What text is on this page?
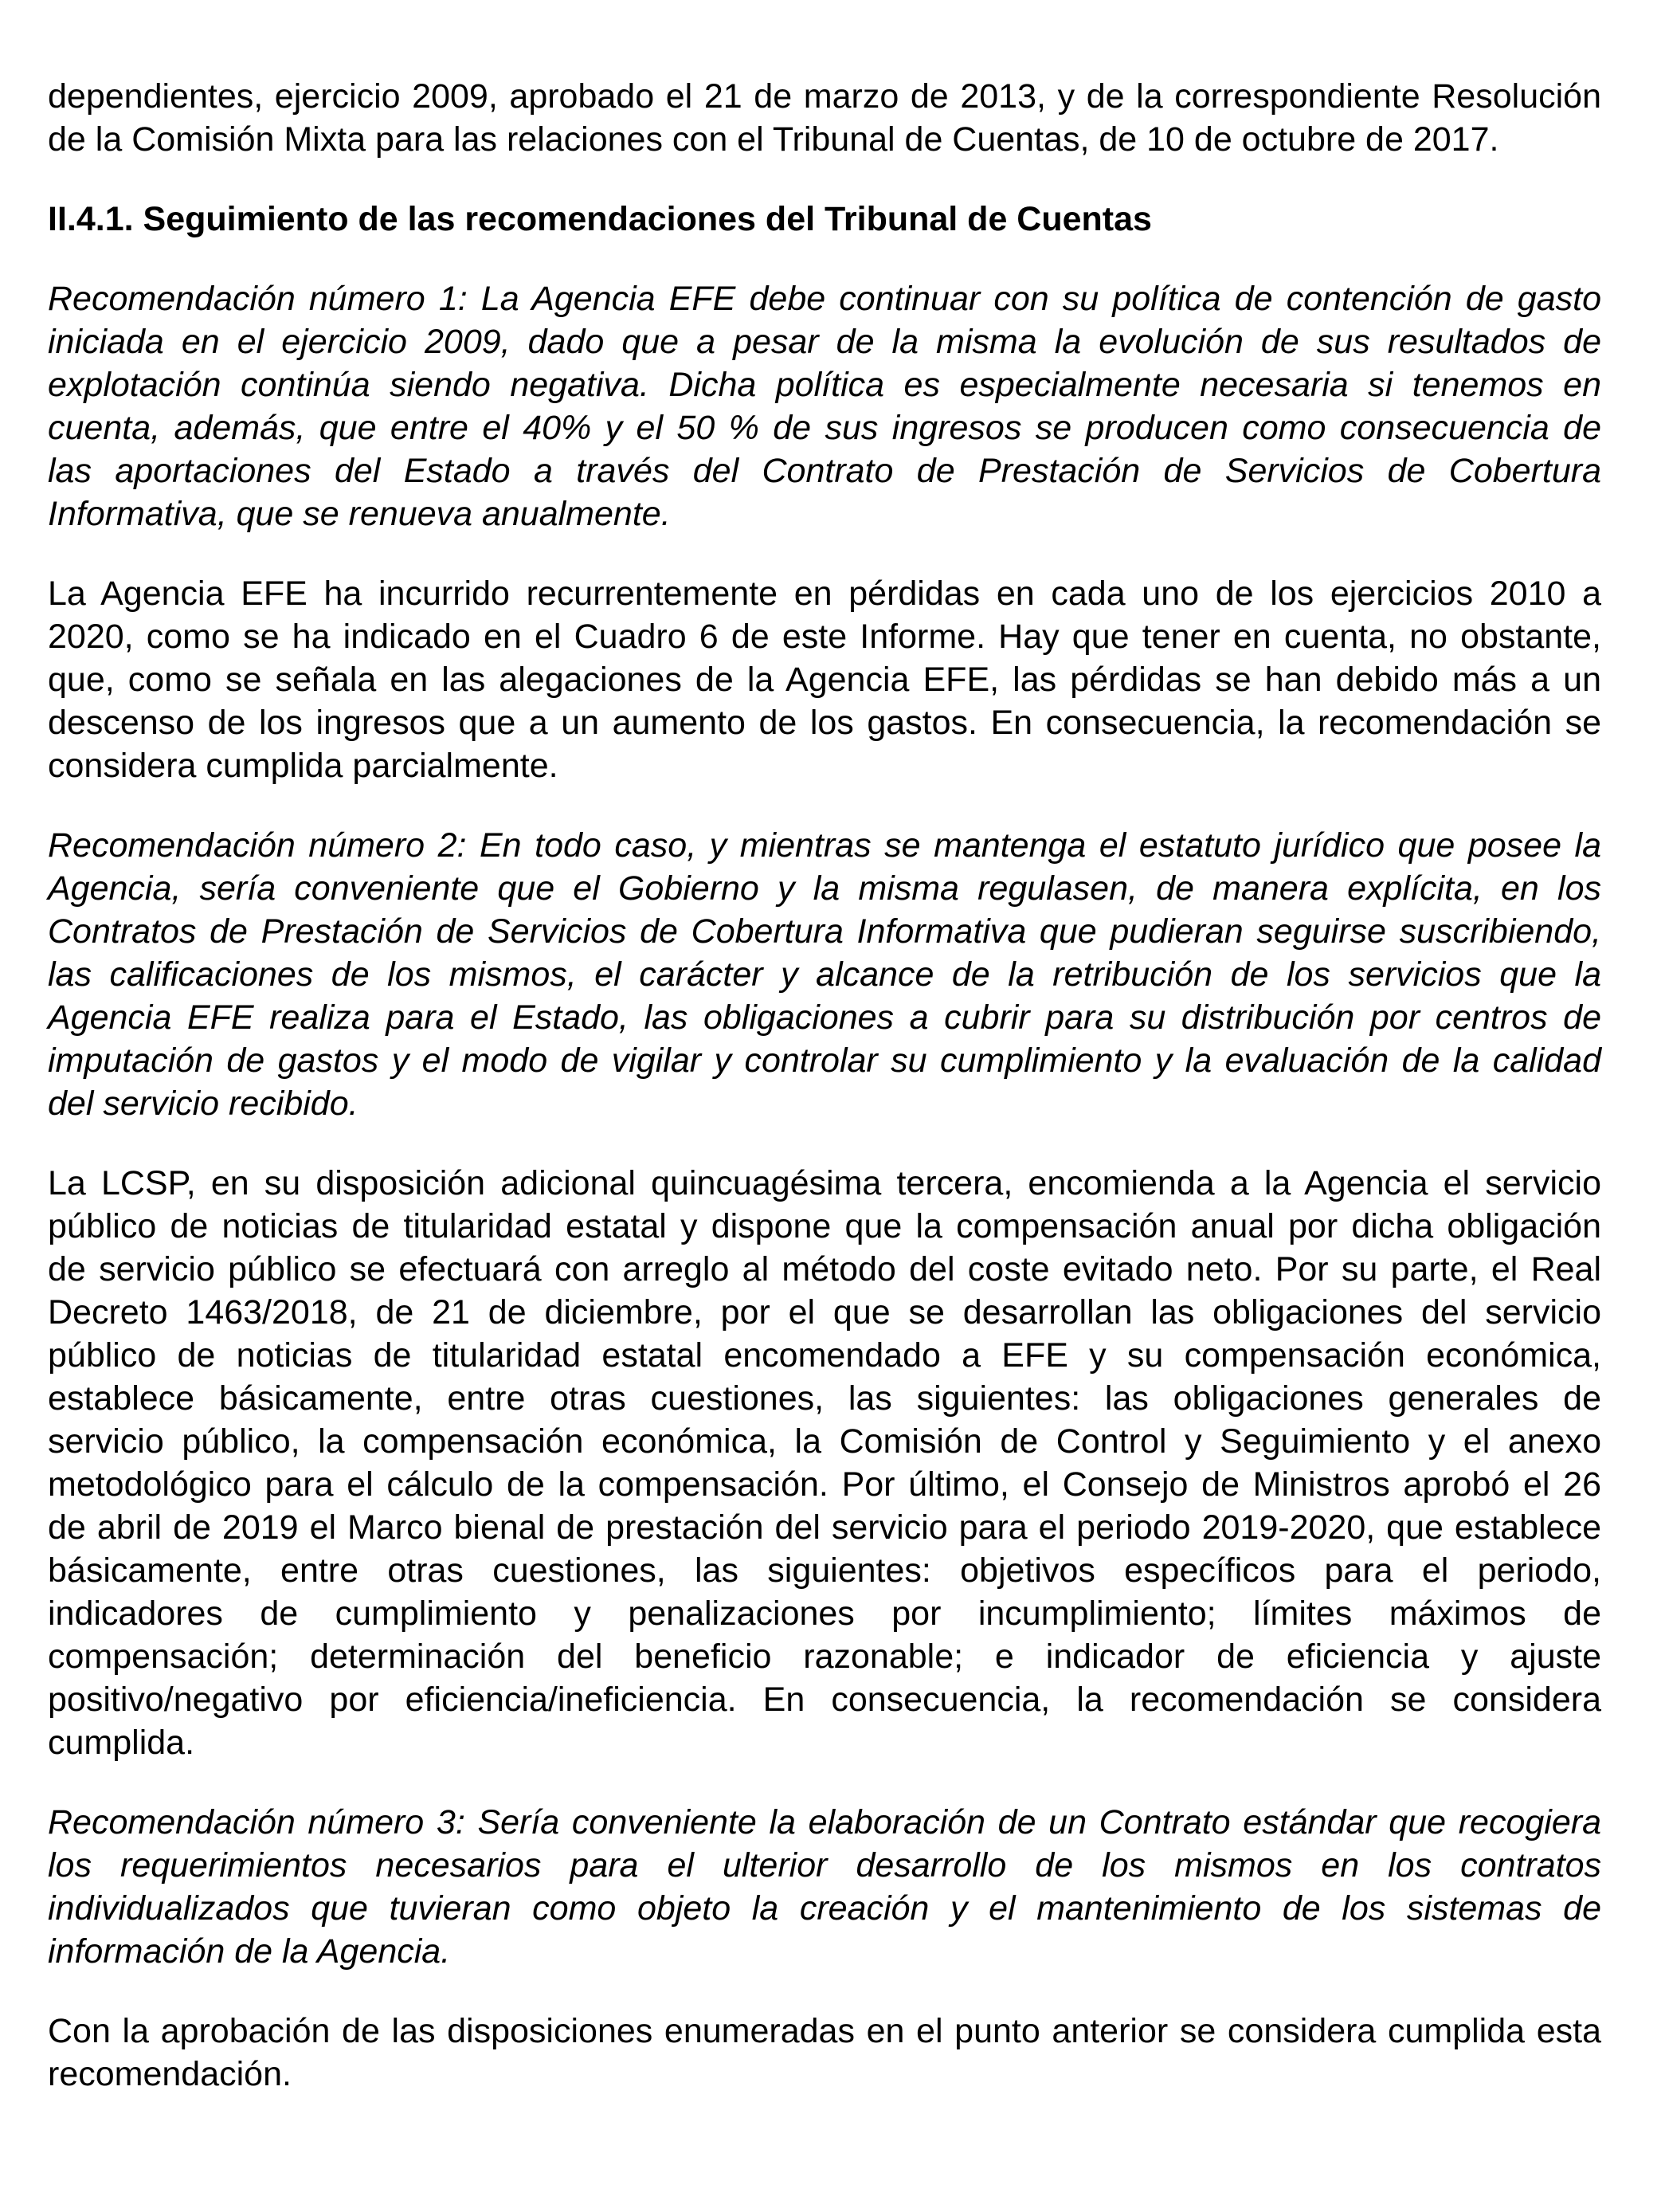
dependientes, ejercicio 2009, aprobado el 21 de marzo de 2013, y de la correspondiente Resolución
de la Comisión Mixta para las relaciones con el Tribunal de Cuentas, de 10 de octubre de 2017.

II.4.1. Seguimiento de las recomendaciones del Tribunal de Cuentas

Recomendación número 1: La Agencia EFE debe continuar con su política de contención de gasto
iniciada en el ejercicio 2009, dado que a pesar de la misma la evolución de sus resultados de
explotación continúa siendo negativa. Dicha política es especialmente necesaria si tenemos en
cuenta, además, que entre el 40% y el 50 % de sus ingresos se producen como consecuencia de
las aportaciones del Estado a través del Contrato de Prestación de Servicios de Cobertura
Informativa, que se renueva anualmente.

La Agencia EFE ha incurrido recurrentemente en pérdidas en cada uno de los ejercicios 2010 a
2020, como se ha indicado en el Cuadro 6 de este Informe. Hay que tener en cuenta, no obstante,
que, como se señala en las alegaciones de la Agencia EFE, las pérdidas se han debido más a un
descenso de los ingresos que a un aumento de los gastos. En consecuencia, la recomendación se
considera cumplida parcialmente.

Recomendación número 2: En todo caso, y mientras se mantenga el estatuto jurídico que posee la
Agencia, sería conveniente que el Gobierno y la misma regulasen, de manera explícita, en los
Contratos de Prestación de Servicios de Cobertura Informativa que pudieran seguirse suscribiendo,
las calificaciones de los mismos, el carácter y alcance de la retribución de los servicios que la
Agencia EFE realiza para el Estado, las obligaciones a cubrir para su distribución por centros de
imputación de gastos y el modo de vigilar y controlar su cumplimiento y la evaluación de la calidad
del servicio recibido.

La LCSP, en su disposición adicional quincuagésima tercera, encomienda a la Agencia el servicio
público de noticias de titularidad estatal y dispone que la compensación anual por dicha obligación
de servicio público se efectuará con arreglo al método del coste evitado neto. Por su parte, el Real
Decreto 1463/2018, de 21 de diciembre, por el que se desarrollan las obligaciones del servicio
público de noticias de titularidad estatal encomendado a EFE y su compensación económica,
establece básicamente, entre otras cuestiones, las siguientes: las obligaciones generales de
servicio público, la compensación económica, la Comisión de Control y Seguimiento y el anexo
metodológico para el cálculo de la compensación. Por último, el Consejo de Ministros aprobó el 26
de abril de 2019 el Marco bienal de prestación del servicio para el periodo 2019-2020, que establece
básicamente, entre otras cuestiones, las siguientes: objetivos específicos para el periodo,
indicadores de cumplimiento y penalizaciones por incumplimiento; límites máximos de
compensación; determinación del beneficio razonable; e indicador de eficiencia y ajuste
positivo/negativo por eficiencia/ineficiencia. En consecuencia, la recomendación se considera
cumplida.

Recomendación número 3: Sería conveniente la elaboración de un Contrato estándar que recogiera
los requerimientos necesarios para el ulterior desarrollo de los mismos en los contratos
individualizados que tuvieran como objeto la creación y el mantenimiento de los sistemas de
información de la Agencia.

Con la aprobación de las disposiciones enumeradas en el punto anterior se considera cumplida esta
recomendación.
